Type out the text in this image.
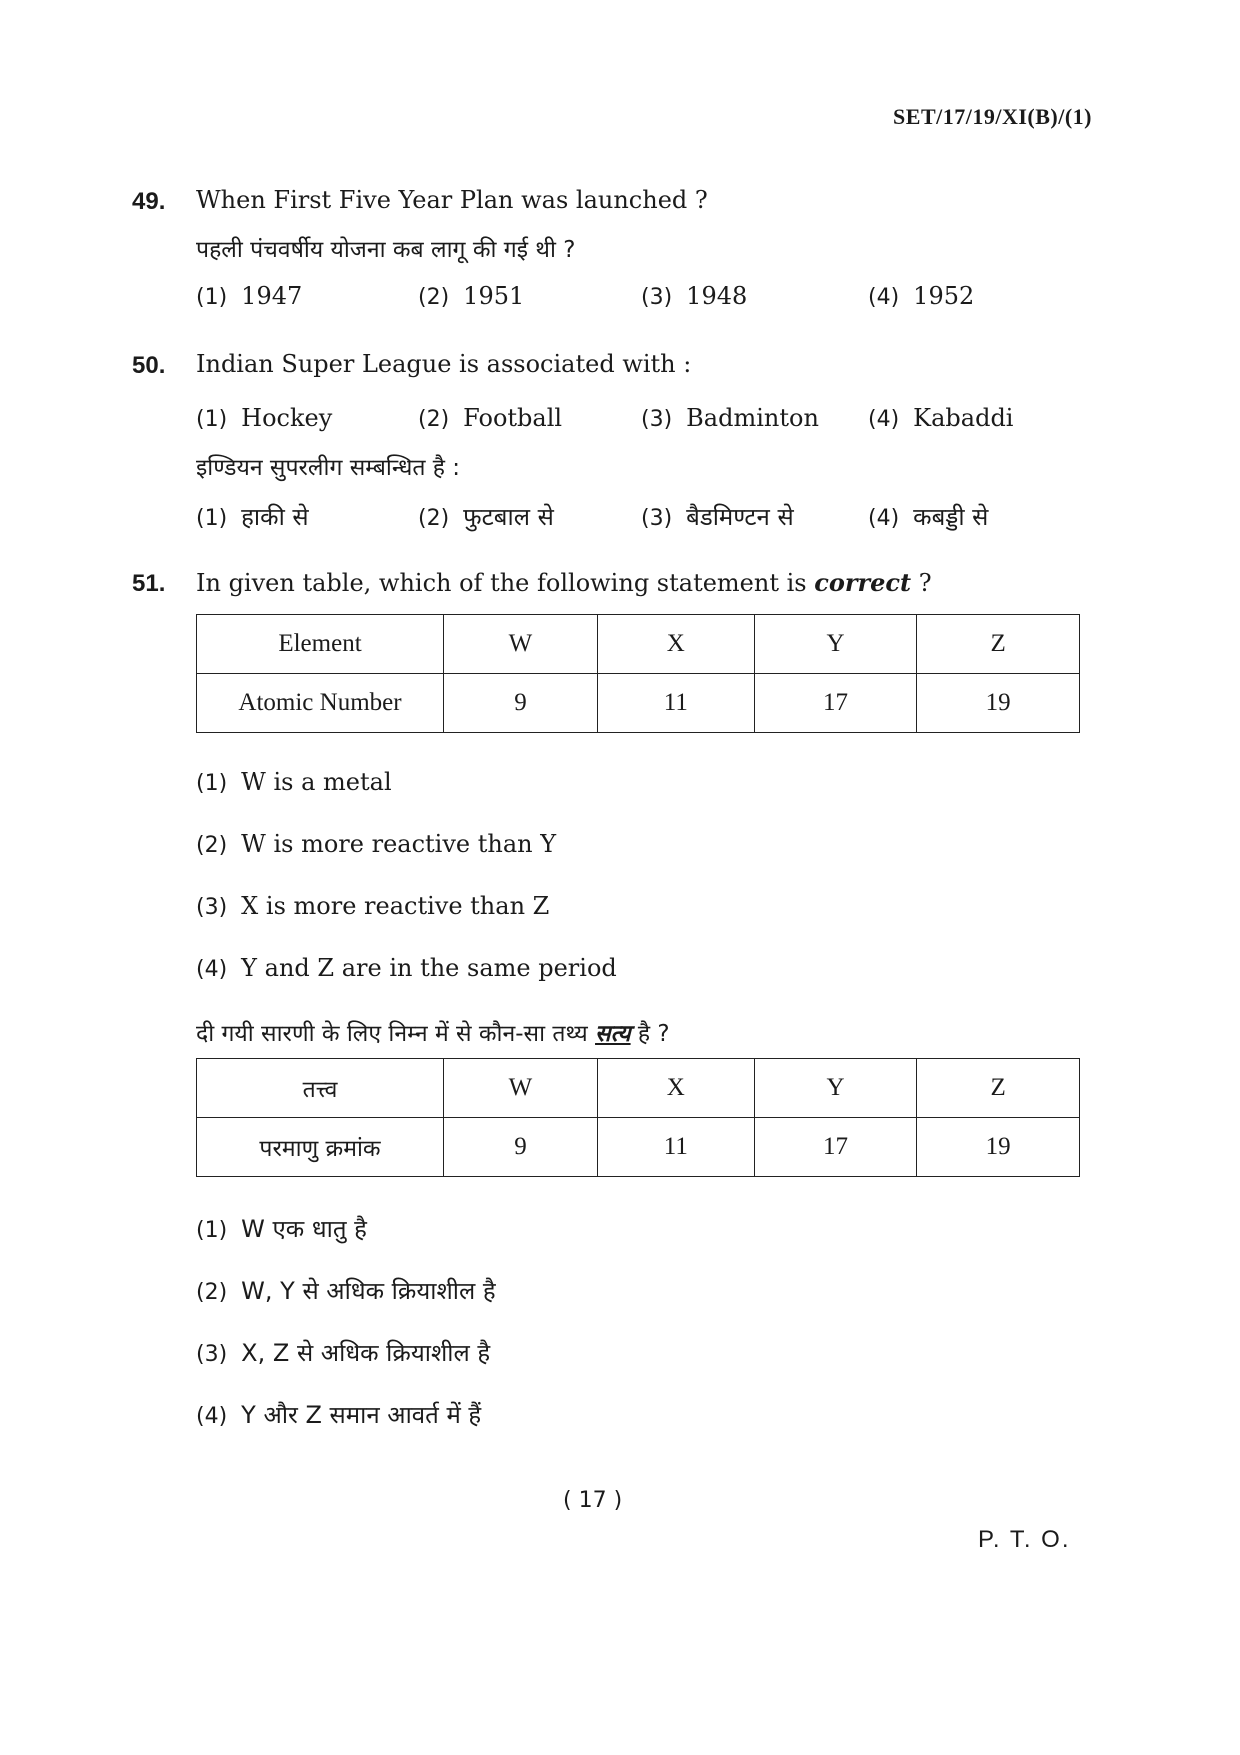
SET/17/19/XI(B)/(1)
49. When First Five Year Plan was launched ?
पहली पंचवर्षीय योजना कब लागू की गई थी ?
(1) 1947	(2) 1951	(3) 1948	(4) 1952
50. Indian Super League is associated with :
(1) Hockey	(2) Football	(3) Badminton (4) Kabaddi
इण्डियन सुपरलीग सम्बन्धित है :
(1) हाकी से	(2) फुटबाल से	(3) बैडमिण्टन से	(4) कबड्डी से
51. In given table, which of the following statement is correct ?
Element	W	X	Y	Z
Atomic Number	9	11	17	19
(1) W is a metal
(2) W is more reactive than Y
(3) X is more reactive than Z
(4) Y and Z are in the same period
दी गयी सारणी के लिए निम्न में से कौन-सा तथ्य सत्य है ?
तत्त्व	W	X	Y	Z
परमाणु क्रमांक	9	11	17	19
(1) W एक धातु है
(2) W, Y से अधिक क्रियाशील है
(3) X, Z से अधिक क्रियाशील है
(4) Y और Z समान आवर्त में हैं
( 17 )
P. T. O.
